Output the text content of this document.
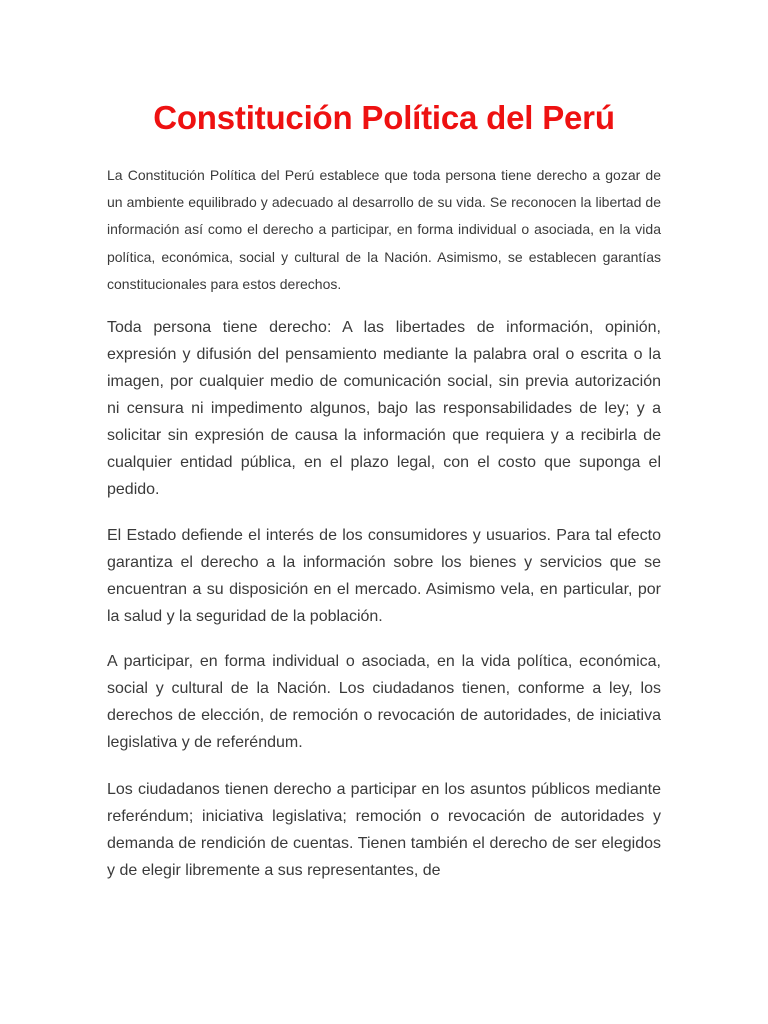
Constitución Política del Perú

La Constitución Política del Perú establece que toda persona tiene derecho a gozar de un ambiente equilibrado y adecuado al desarrollo de su vida. Se reconocen la libertad de información así como el derecho a participar, en forma individual o asociada, en la vida política, económica, social y cultural de la Nación. Asimismo, se establecen garantías constitucionales para estos derechos.

Toda persona tiene derecho: A las libertades de información, opinión, expresión y difusión del pensamiento mediante la palabra oral o escrita o la imagen, por cualquier medio de comunicación social, sin previa autorización ni censura ni impedimento algunos, bajo las responsabilidades de ley; y a solicitar sin expresión de causa la información que requiera y a recibirla de cualquier entidad pública, en el plazo legal, con el costo que suponga el pedido.

El Estado defiende el interés de los consumidores y usuarios. Para tal efecto garantiza el derecho a la información sobre los bienes y servicios que se encuentran a su disposición en el mercado. Asimismo vela, en particular, por la salud y la seguridad de la población.

A participar, en forma individual o asociada, en la vida política, económica, social y cultural de la Nación. Los ciudadanos tienen, conforme a ley, los derechos de elección, de remoción o revocación de autoridades, de iniciativa legislativa y de referéndum.

Los ciudadanos tienen derecho a participar en los asuntos públicos mediante referéndum; iniciativa legislativa; remoción o revocación de autoridades y demanda de rendición de cuentas. Tienen también el derecho de ser elegidos y de elegir libremente a sus representantes, de
